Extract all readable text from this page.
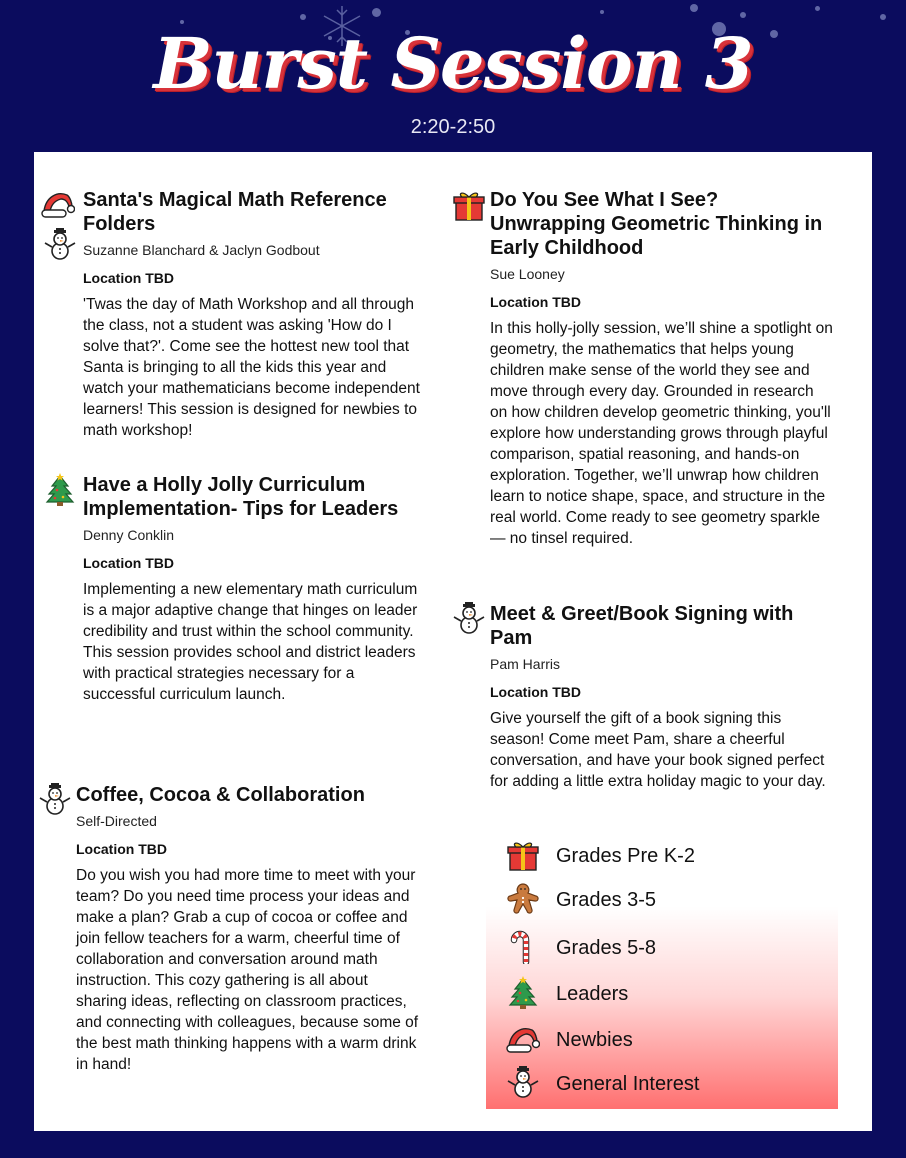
Burst Session 3
2:20-2:50
Santa's Magical Math Reference Folders
Suzanne Blanchard & Jaclyn Godbout
Location TBD
'Twas the day of Math Workshop and all through the class, not a student was asking 'How do I solve that?'. Come see the hottest new tool that Santa is bringing to all the kids this year and watch your mathematicians become independent learners! This session is designed for newbies to math workshop!
Have a Holly Jolly Curriculum Implementation- Tips for Leaders
Denny Conklin
Location TBD
Implementing a new elementary math curriculum is a major adaptive change that hinges on leader credibility and trust within the school community. This session provides school and district leaders with practical strategies necessary for a successful curriculum launch.
Coffee, Cocoa & Collaboration
Self-Directed
Location TBD
Do you wish you had more time to meet with your team? Do you need time process your ideas and make a plan? Grab a cup of cocoa or coffee and join fellow teachers for a warm, cheerful time of collaboration and conversation around math instruction. This cozy gathering is all about sharing ideas, reflecting on classroom practices, and connecting with colleagues, because some of the best math thinking happens with a warm drink in hand!
Do You See What I See? Unwrapping Geometric Thinking in Early Childhood
Sue Looney
Location TBD
In this holly-jolly session, we’ll shine a spotlight on geometry, the mathematics that helps young children make sense of the world they see and move through every day. Grounded in research on how children develop geometric thinking, you'll explore how understanding grows through playful comparison, spatial reasoning, and hands-on exploration. Together, we’ll unwrap how children learn to notice shape, space, and structure in the real world. Come ready to see geometry sparkle — no tinsel required.
Meet & Greet/Book Signing with Pam
Pam Harris
Location TBD
Give yourself the gift of a book signing this season! Come meet Pam, share a cheerful conversation, and have your book signed perfect for adding a little extra holiday magic to your day.
Grades Pre K-2
Grades 3-5
Grades 5-8
Leaders
Newbies
General Interest
